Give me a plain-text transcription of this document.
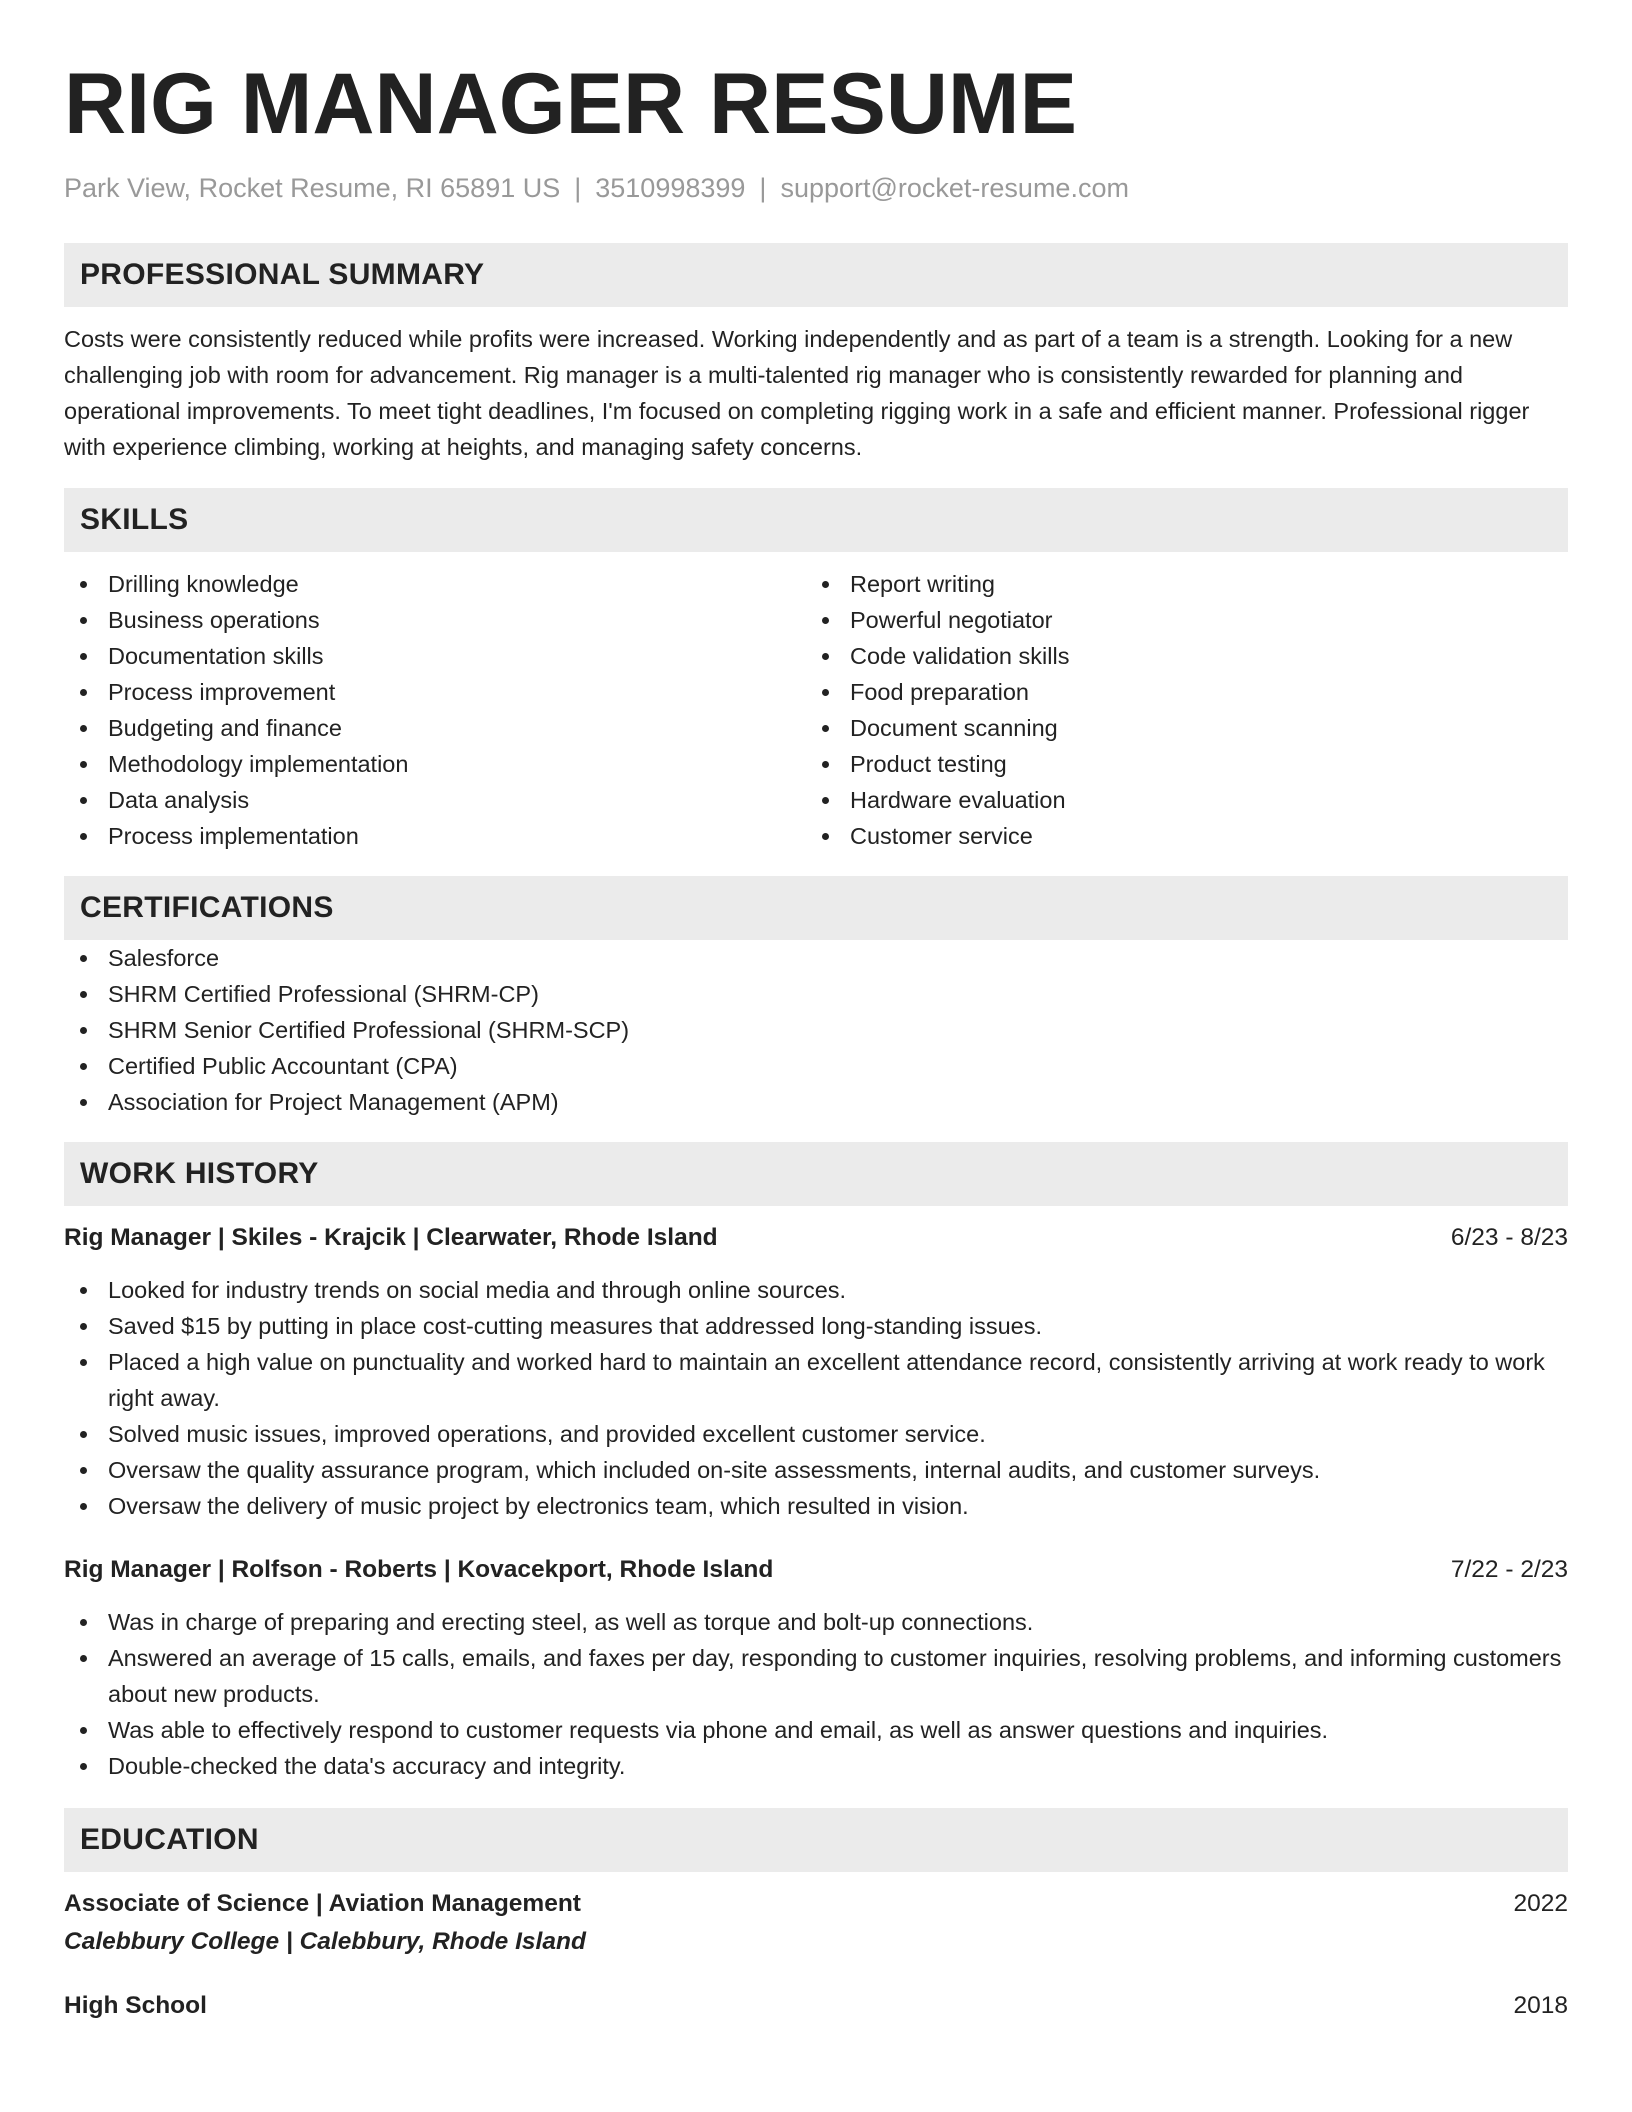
RIG MANAGER RESUME
Park View, Rocket Resume, RI 65891 US | 3510998399 | support@rocket-resume.com
PROFESSIONAL SUMMARY
Costs were consistently reduced while profits were increased. Working independently and as part of a team is a strength. Looking for a new challenging job with room for advancement. Rig manager is a multi-talented rig manager who is consistently rewarded for planning and operational improvements. To meet tight deadlines, I'm focused on completing rigging work in a safe and efficient manner. Professional rigger with experience climbing, working at heights, and managing safety concerns.
SKILLS
Drilling knowledge
Business operations
Documentation skills
Process improvement
Budgeting and finance
Methodology implementation
Data analysis
Process implementation
Report writing
Powerful negotiator
Code validation skills
Food preparation
Document scanning
Product testing
Hardware evaluation
Customer service
CERTIFICATIONS
Salesforce
SHRM Certified Professional (SHRM-CP)
SHRM Senior Certified Professional (SHRM-SCP)
Certified Public Accountant (CPA)
Association for Project Management (APM)
WORK HISTORY
Rig Manager | Skiles - Krajcik | Clearwater, Rhode Island	6/23 - 8/23
Looked for industry trends on social media and through online sources.
Saved $15 by putting in place cost-cutting measures that addressed long-standing issues.
Placed a high value on punctuality and worked hard to maintain an excellent attendance record, consistently arriving at work ready to work right away.
Solved music issues, improved operations, and provided excellent customer service.
Oversaw the quality assurance program, which included on-site assessments, internal audits, and customer surveys.
Oversaw the delivery of music project by electronics team, which resulted in vision.
Rig Manager | Rolfson - Roberts | Kovacekport, Rhode Island	7/22 - 2/23
Was in charge of preparing and erecting steel, as well as torque and bolt-up connections.
Answered an average of 15 calls, emails, and faxes per day, responding to customer inquiries, resolving problems, and informing customers about new products.
Was able to effectively respond to customer requests via phone and email, as well as answer questions and inquiries.
Double-checked the data's accuracy and integrity.
EDUCATION
Associate of Science | Aviation Management	2022
Calebbury College | Calebbury, Rhode Island
High School	2018
